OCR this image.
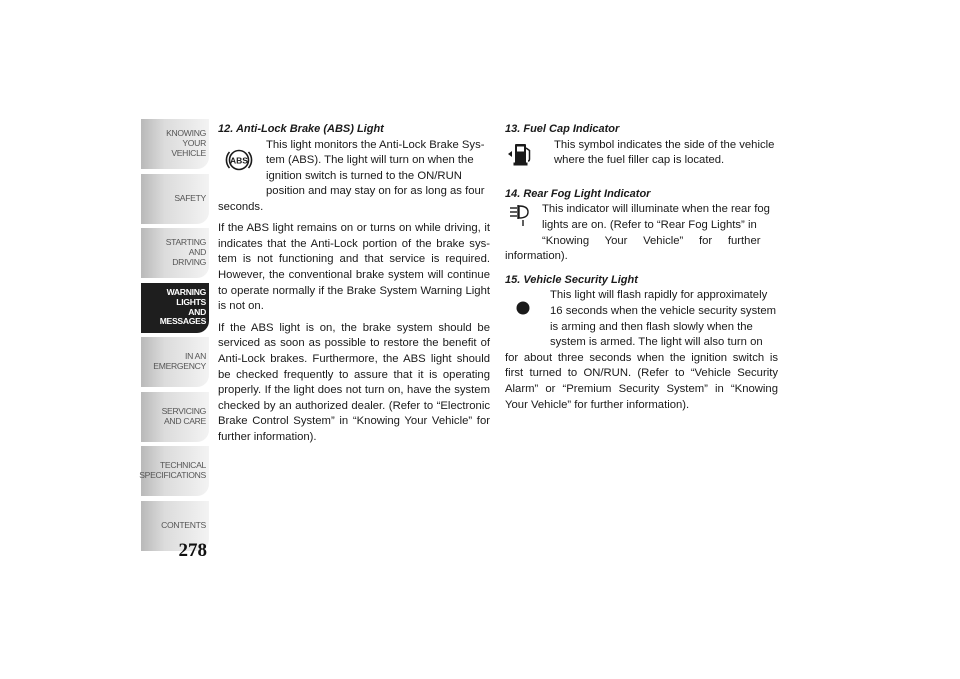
KNOWING
YOUR
VEHICLE
SAFETY
STARTING
AND
DRIVING
WARNING
LIGHTS
AND
MESSAGES
IN AN
EMERGENCY
SERVICING
AND CARE
TECHNICAL
SPECIFICATIONS
CONTENTS
278
12. Anti-Lock Brake (ABS) Light
ABS
This light monitors the Anti-Lock Brake Sys-
tem (ABS). The light will turn on when the
ignition switch is turned to the ON/RUN
position and may stay on for as long as four
seconds.

If the ABS light remains on or turns on while driving, it indicates that the Anti-Lock portion of the brake sys-tem is not functioning and that service is required. However, the conventional brake system will continue to operate normally if the Brake System Warning Light is not on.

If the ABS light is on, the brake system should be serviced as soon as possible to restore the benefit of Anti-Lock brakes. Furthermore, the ABS light should be checked frequently to assure that it is operating properly. If the light does not turn on, have the system checked by an authorized dealer. (Refer to “Electronic Brake Control System” in “Knowing Your Vehicle” for further information).

13. Fuel Cap Indicator
This symbol indicates the side of the vehicle
where the fuel filler cap is located.
14. Rear Fog Light Indicator
This indicator will illuminate when the rear fog
lights are on. (Refer to “Rear Fog Lights” in
“Knowing     Your     Vehicle”     for     further
information).
15. Vehicle Security Light
This light will flash rapidly for approximately
16 seconds when the vehicle security system
is arming and then flash slowly when the
system is armed. The light will also turn on
for about three seconds when the ignition switch is first turned to ON/RUN. (Refer to “Vehicle Security Alarm” or “Premium Security System” in “Knowing Your Vehicle” for further information).
